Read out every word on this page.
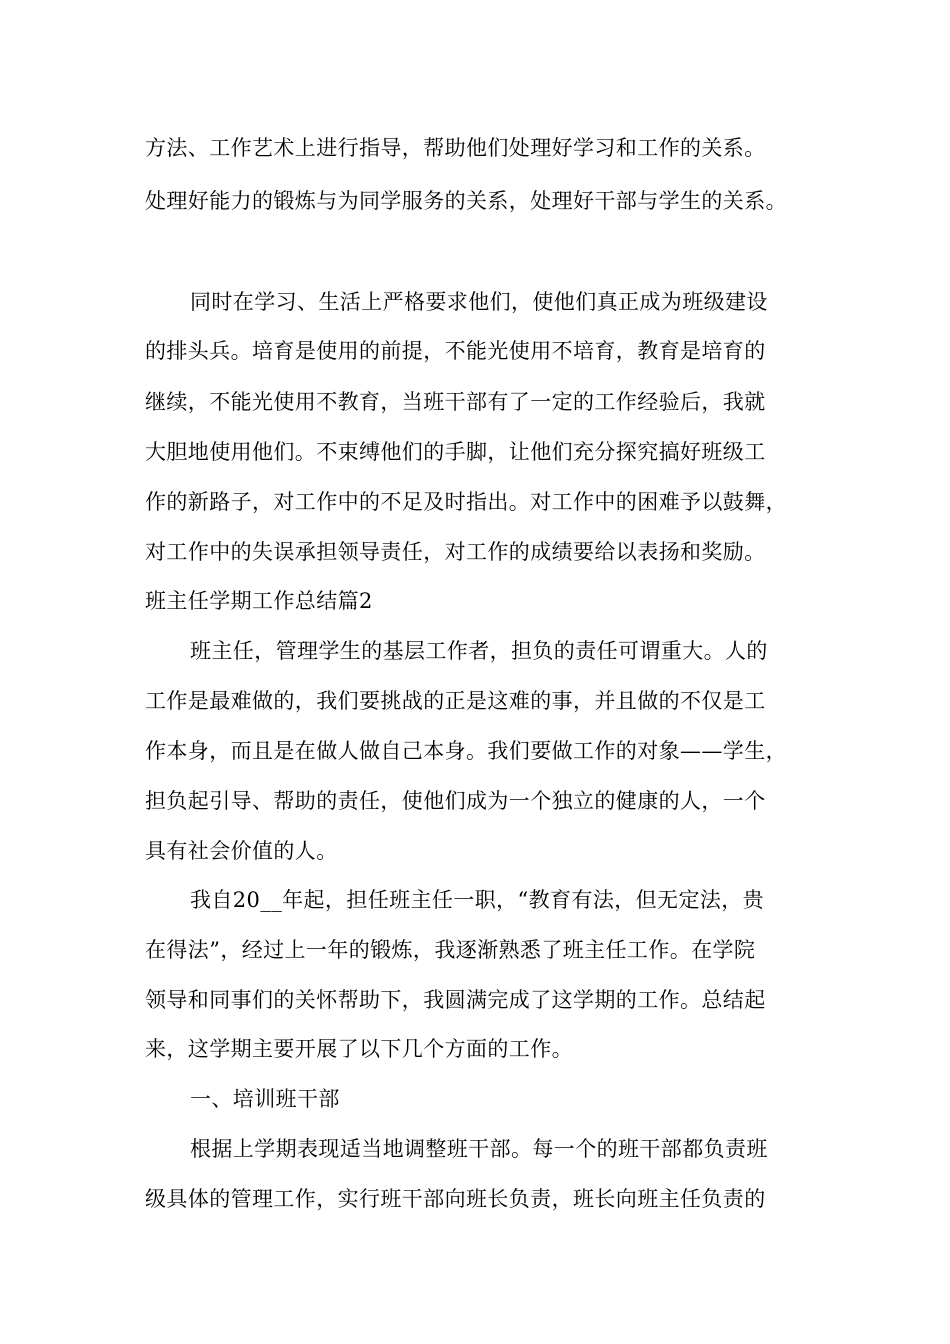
方法、工作艺术上进行指导，帮助他们处理好学习和工作的关系。
处理好能力的锻炼与为同学服务的关系，处理好干部与学生的关系。
同时在学习、生活上严格要求他们，使他们真正成为班级建设
的排头兵。培育是使用的前提，不能光使用不培育，教育是培育的
继续，不能光使用不教育，当班干部有了一定的工作经验后，我就
大胆地使用他们。不束缚他们的手脚，让他们充分探究搞好班级工
作的新路子，对工作中的不足及时指出。对工作中的困难予以鼓舞，
对工作中的失误承担领导责任，对工作的成绩要给以表扬和奖励。
班主任学期工作总结篇2
班主任，管理学生的基层工作者，担负的责任可谓重大。人的
工作是最难做的，我们要挑战的正是这难的事，并且做的不仅是工
作本身，而且是在做人做自己本身。我们要做工作的对象——学生，
担负起引导、帮助的责任，使他们成为一个独立的健康的人，一个
具有社会价值的人。
我自20__年起，担任班主任一职，“教育有法，但无定法，贵
在得法”，经过上一年的锻炼，我逐渐熟悉了班主任工作。在学院
领导和同事们的关怀帮助下，我圆满完成了这学期的工作。总结起
来，这学期主要开展了以下几个方面的工作。
一、培训班干部
根据上学期表现适当地调整班干部。每一个的班干部都负责班
级具体的管理工作，实行班干部向班长负责，班长向班主任负责的
